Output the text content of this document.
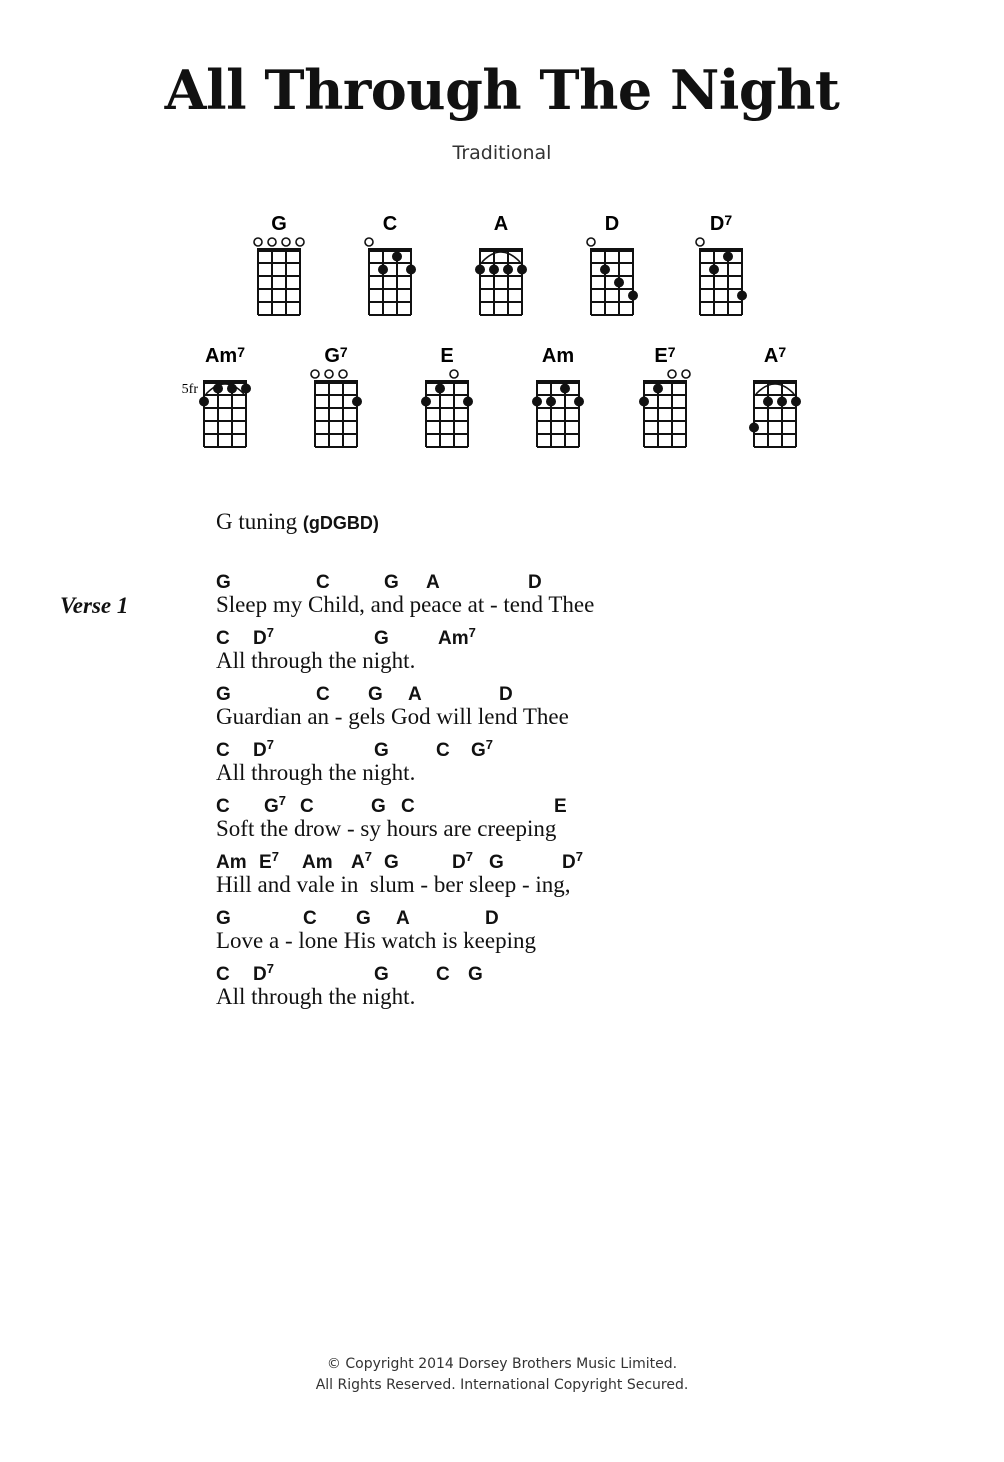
All Through The Night
Traditional
G	C	A	D	$D^7$
Am$^7$
5fr
$G^7$	E	Am	$E^7$	$A^7$
G tuning (gDGBD)
Verse 1
G	C	G A	D
Sleep my Child, and peace at - tend Thee
C $D^7$	G	Am$^7$
All through the night.
G	C G A	D
Guardian an - gels God will lend Thee
C $D^7$	G C $G^7$
All through the night.
C $G^7$ C	G C	E
Soft the drow - sy hours are creeping
Am $E^7$ Am $A^7$ G	$D^7$ G	$D^7$
Hill and vale in  slum - ber sleep - ing,
G	C G A	D
Love a - lone His watch is keeping
C $D^7$	G C G
All through the night.
© Copyright 2014 Dorsey Brothers Music Limited.
All Rights Reserved. International Copyright Secured.
